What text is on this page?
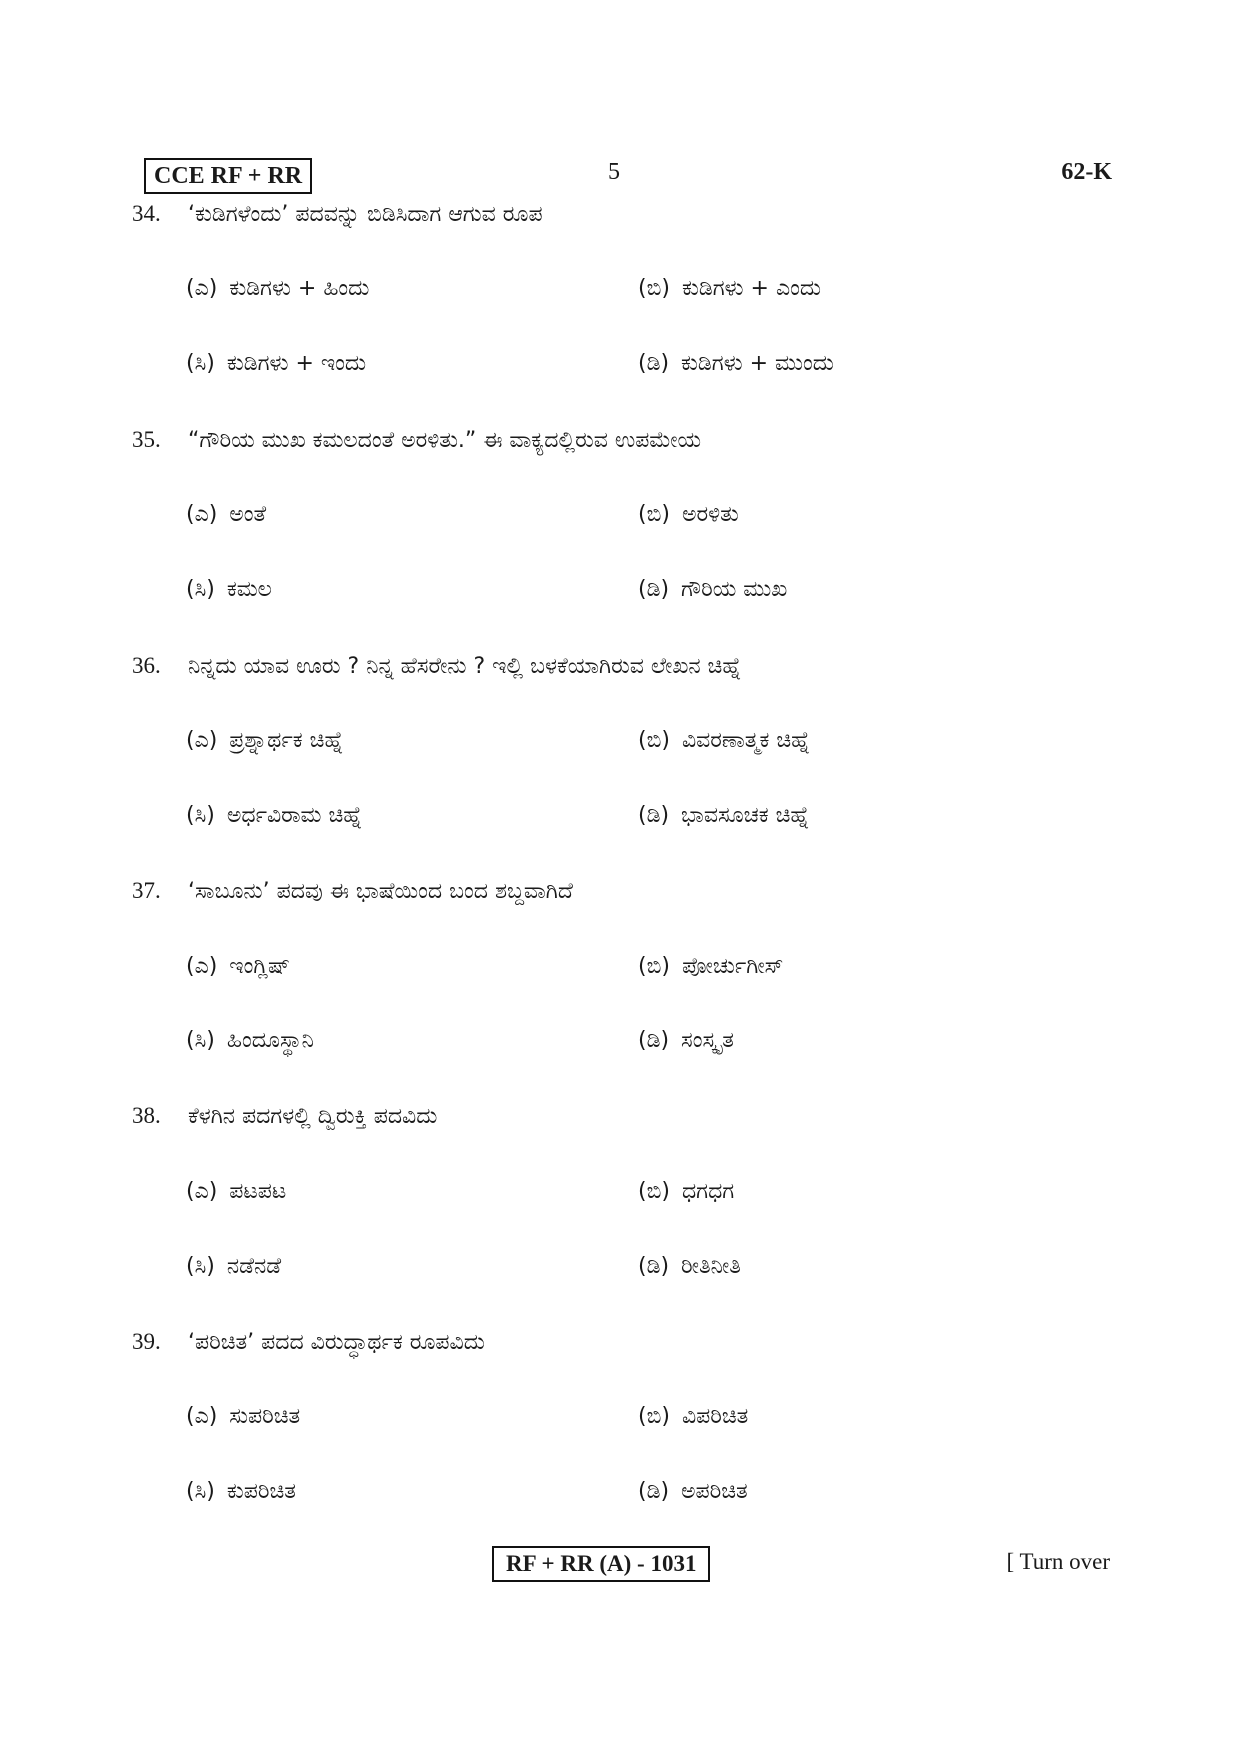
CCE RF + RR	5	62-K
34. ‘ಕುಡಿಗಳೆಂದು’ ಪದವನ್ನು ಬಿಡಿಸಿದಾಗ ಆಗುವ ರೂಪ
(ಎ) ಕುಡಿಗಳು + ಹಿಂದು	(ಬಿ) ಕುಡಿಗಳು + ಎಂದು
(ಸಿ) ಕುಡಿಗಳು + ಇಂದು	(ಡಿ) ಕುಡಿಗಳು + ಮುಂದು
35. “ಗೌರಿಯ ಮುಖ ಕಮಲದಂತೆ ಅರಳಿತು.” ಈ ವಾಕ್ಯದಲ್ಲಿರುವ ಉಪಮೇಯ
(ಎ) ಅಂತೆ	(ಬಿ) ಅರಳಿತು
(ಸಿ) ಕಮಲ	(ಡಿ) ಗೌರಿಯ ಮುಖ
36. ನಿನ್ನದು ಯಾವ ಊರು ? ನಿನ್ನ ಹೆಸರೇನು ? ಇಲ್ಲಿ ಬಳಕೆಯಾಗಿರುವ ಲೇಖನ ಚಿಹ್ನೆ
(ಎ) ಪ್ರಶ್ನಾರ್ಥಕ ಚಿಹ್ನೆ	(ಬಿ) ವಿವರಣಾತ್ಮಕ ಚಿಹ್ನೆ
(ಸಿ) ಅರ್ಧವಿರಾಮ ಚಿಹ್ನೆ	(ಡಿ) ಭಾವಸೂಚಕ ಚಿಹ್ನೆ
37. ‘ಸಾಬೂನು’ ಪದವು ಈ ಭಾಷೆಯಿಂದ ಬಂದ ಶಬ್ದವಾಗಿದೆ
(ಎ) ಇಂಗ್ಲಿಷ್	(ಬಿ) ಪೋರ್ಚುಗೀಸ್
(ಸಿ) ಹಿಂದೂಸ್ಥಾನಿ	(ಡಿ) ಸಂಸ್ಕೃತ
38. ಕೆಳಗಿನ ಪದಗಳಲ್ಲಿ ದ್ವಿರುಕ್ತಿ ಪದವಿದು
(ಎ) ಪಟಪಟ	(ಬಿ) ಧಗಧಗ
(ಸಿ) ನಡೆನಡೆ	(ಡಿ) ರೀತಿನೀತಿ
39. ‘ಪರಿಚಿತ’ ಪದದ ವಿರುದ್ಧಾರ್ಥಕ ರೂಪವಿದು
(ಎ) ಸುಪರಿಚಿತ	(ಬಿ) ವಿಪರಿಚಿತ
(ಸಿ) ಕುಪರಿಚಿತ	(ಡಿ) ಅಪರಿಚಿತ
RF + RR (A) - 1031	[ Turn over
